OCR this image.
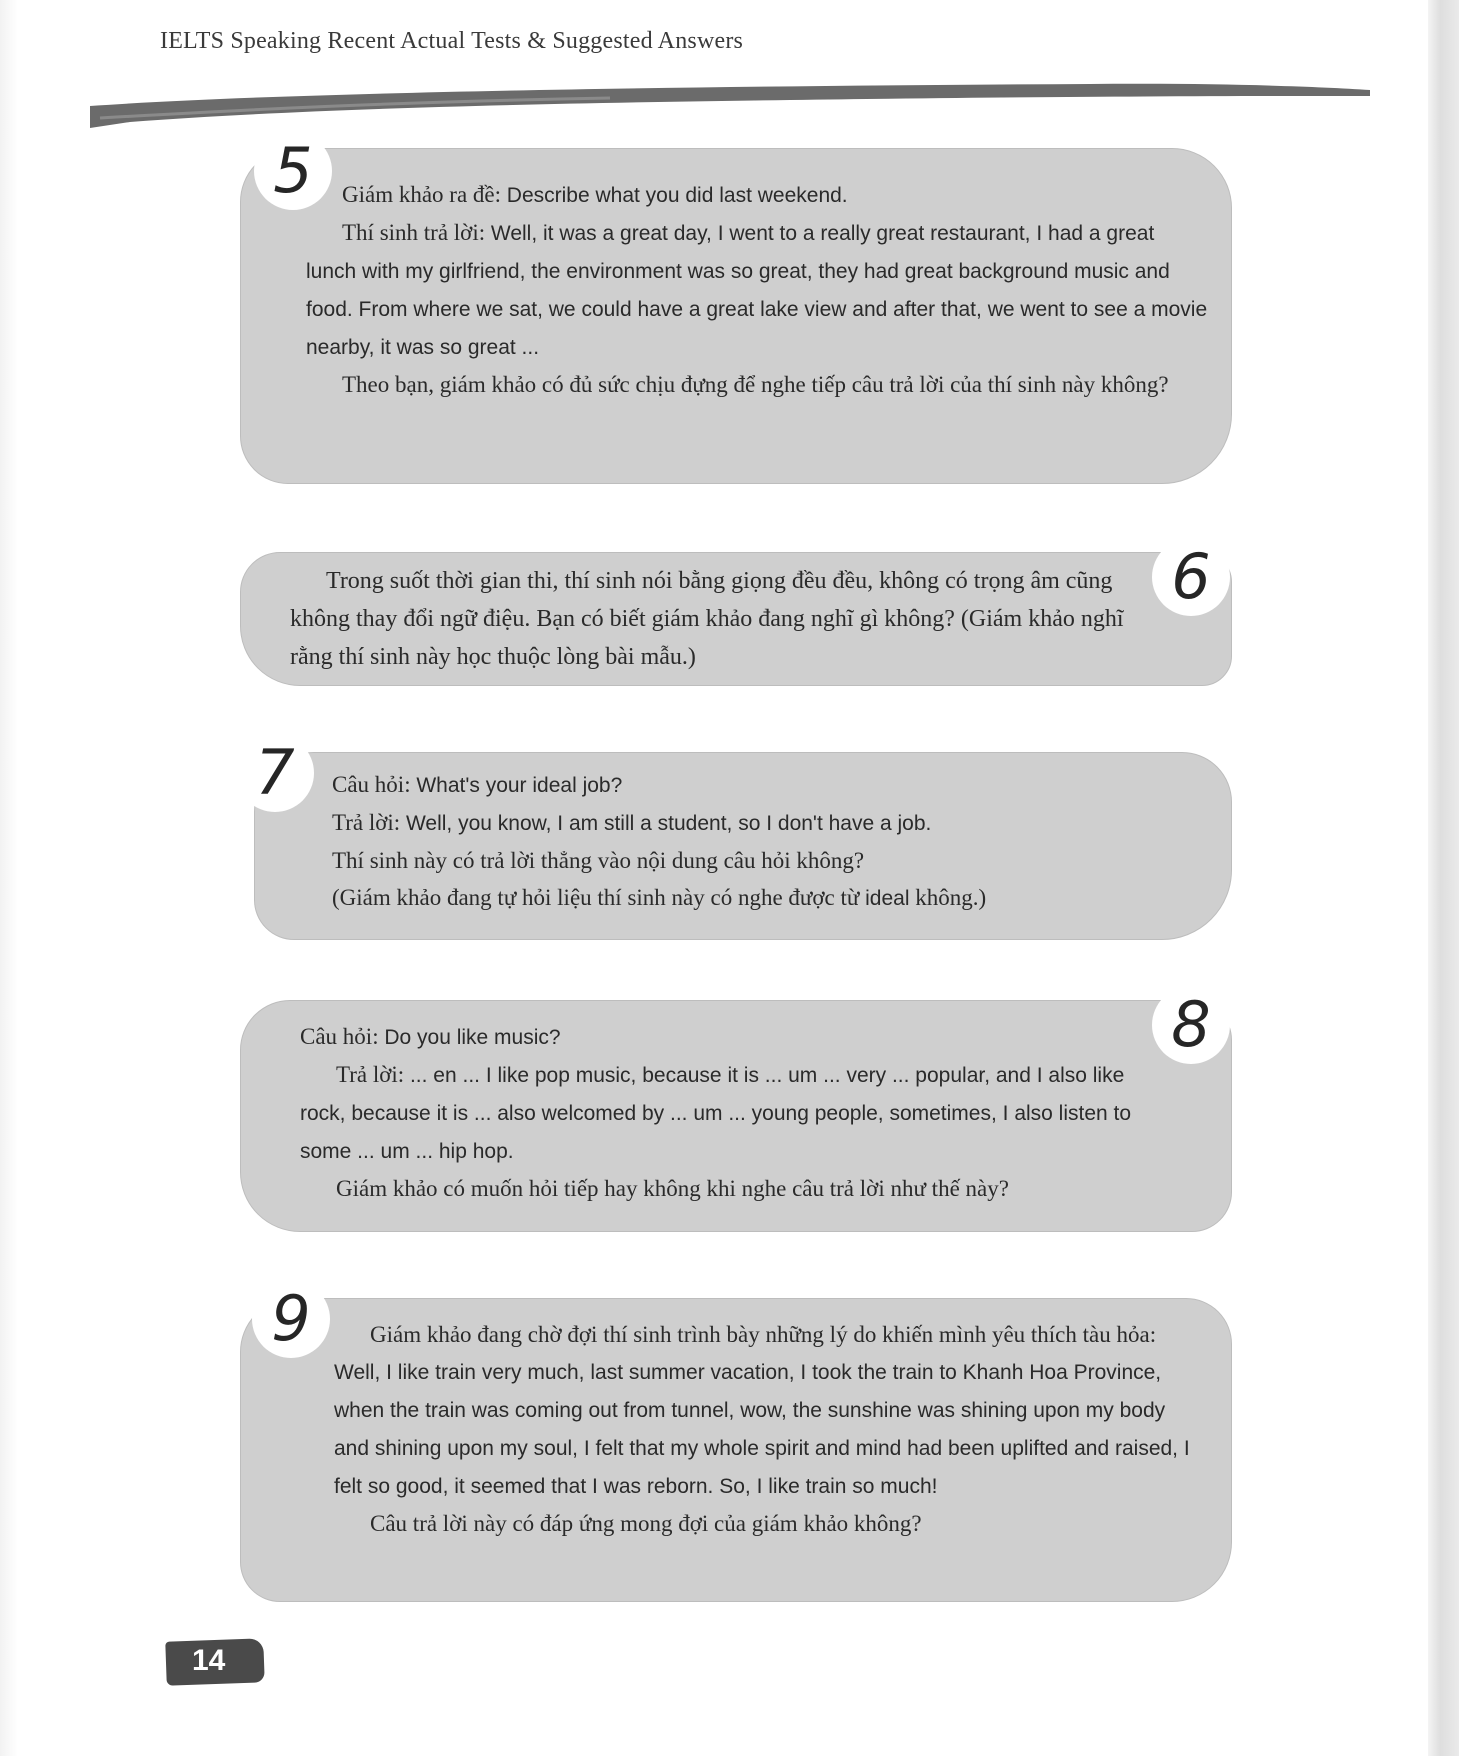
IELTS Speaking Recent Actual Tests & Suggested Answers
5	Giám khảo ra đề: Describe what you did last weekend.
Thí sinh trả lời: Well, it was a great day, I went to a really great restaurant, I had a great lunch with my girlfriend, the environment was so great, they had great background music and food. From where we sat, we could have a great lake view and after that, we went to see a movie nearby, it was so great ...
Theo bạn, giám khảo có đủ sức chịu đựng để nghe tiếp câu trả lời của thí sinh này không?
6
Trong suốt thời gian thi, thí sinh nói bằng giọng đều đều, không có trọng âm cũng không thay đổi ngữ điệu. Bạn có biết giám khảo đang nghĩ gì không? (Giám khảo nghĩ rằng thí sinh này học thuộc lòng bài mẫu.)
7	Câu hỏi: What's your ideal job?
Trả lời: Well, you know, I am still a student, so I don't have a job.
Thí sinh này có trả lời thẳng vào nội dung câu hỏi không?
(Giám khảo đang tự hỏi liệu thí sinh này có nghe được từ ideal không.)
8
Câu hỏi: Do you like music?
Trả lời: ... en ... I like pop music, because it is ... um ... very ... popular, and I also like rock, because it is ... also welcomed by ... um ... young people, sometimes, I also listen to some ... um ... hip hop.
Giám khảo có muốn hỏi tiếp hay không khi nghe câu trả lời như thế này?
9	Giám khảo đang chờ đợi thí sinh trình bày những lý do khiến mình yêu thích tàu hỏa: Well, I like train very much, last summer vacation, I took the train to Khanh Hoa Province, when the train was coming out from tunnel, wow, the sunshine was shining upon my body and shining upon my soul, I felt that my whole spirit and mind had been uplifted and raised, I felt so good, it seemed that I was reborn. So, I like train so much!
Câu trả lời này có đáp ứng mong đợi của giám khảo không?
14
